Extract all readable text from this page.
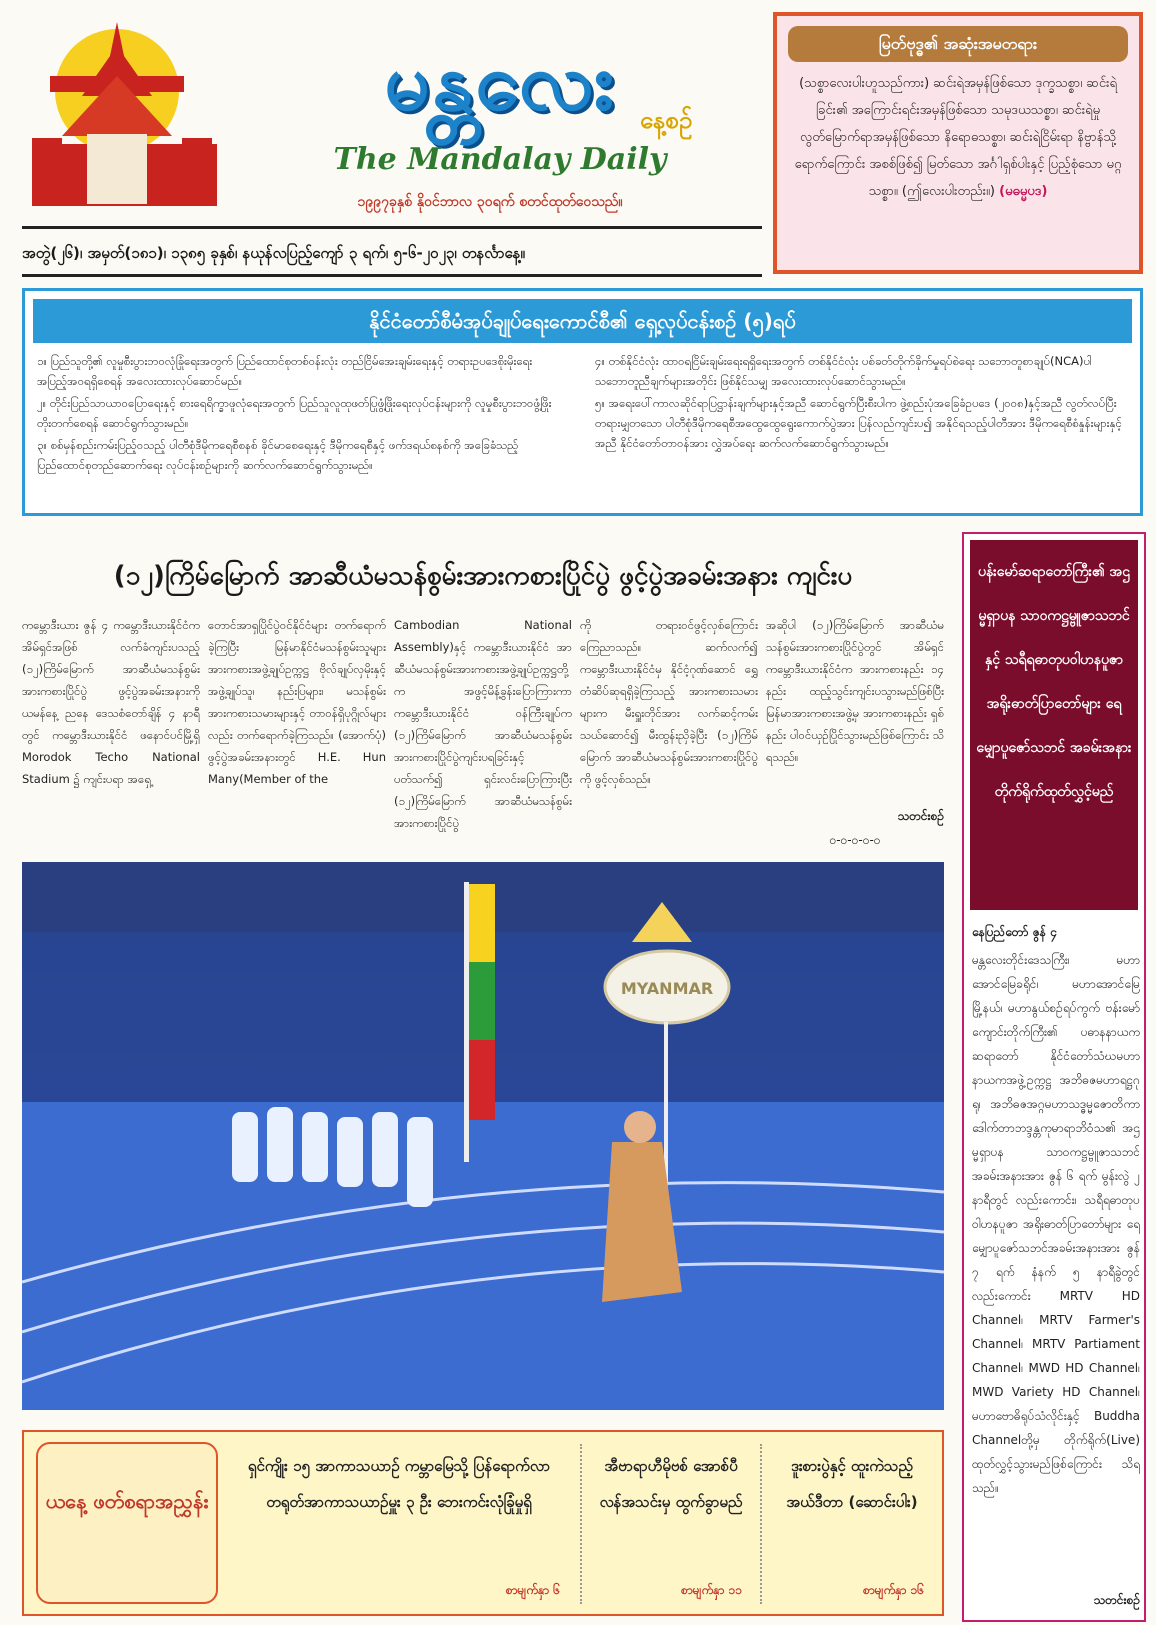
မန္တလေး	နေ့စဉ်
The Mandalay Daily
၁၉၉၇ခုနှစ် နိုဝင်ဘာလ ၃၀ရက် စတင်ထုတ်ဝေသည်။
အတွဲ(၂၆)၊ အမှတ်(၁၈၁)၊ ၁၃၈၅ ခုနှစ်၊ နယုန်လပြည့်ကျော် ၃ ရက်၊ ၅-၆-၂၀၂၃၊ တနင်္လာနေ့။
မြတ်ဗုဒ္ဓ၏ အဆုံးအမတရား
(သစ္စာလေးပါးဟူသည်ကား) ဆင်းရဲအမှန်ဖြစ်သော ဒုက္ခသစ္စာ၊ ဆင်းရဲခြင်း၏ အကြောင်းရင်းအမှန်ဖြစ်သော သမုဒယသစ္စာ၊ ဆင်းရဲမှု လွတ်မြောက်ရာအမှန်ဖြစ်သော နိရောဓသစ္စာ၊ ဆင်းရဲငြိမ်းရာ နိဗ္ဗာန်သို့ရောက်ကြောင်း အစစ်ဖြစ်၍ မြတ်သော အင်္ဂါရှစ်ပါးနှင့် ပြည့်စုံသော မဂ္ဂသစ္စာ။ (ဤလေးပါးတည်း။) (မဓမ္မပဒ)
နိုင်ငံတော်စီမံအုပ်ချုပ်ရေးကောင်စီ၏ ရှေ့လုပ်ငန်းစဉ် (၅)ရပ်
၁။ ပြည်သူတို့၏ လူမှုစီးပွားဘဝလုံခြုံရေးအတွက် ပြည်ထောင်စုတစ်ဝန်းလုံး တည်ငြိမ်အေးချမ်းရေးနှင့် တရားဥပဒေစိုးမိုးရေး အပြည့်အဝရရှိစေရန် အလေးထားလုပ်ဆောင်မည်။
၂။ တိုင်းပြည်သာယာဝပြောရေးနှင့် စားရေရိက္ခာဖူလုံရေးအတွက် ပြည်သူလူထုဖတ်ပြုဖွံ့ဖြိုးရေးလုပ်ငန်းများကို လူမှုစီးပွားဘဝဖွံ့ဖြိုးတိုးတက်စေရန် ဆောင်ရွက်သွားမည်။
၃။ စစ်မှန်စည်းကမ်းပြည့်ဝသည့် ပါတီစုံဒီမိုကရေစီစနစ် ခိုင်မာစေရေးနှင့် ဒီမိုကရေစီနှင့် ဖက်ဒရယ်စနစ်ကို အခြေခံသည့် ပြည်ထောင်စုတည်ဆောက်ရေး လုပ်ငန်းစဉ်များကို ဆက်လက်ဆောင်ရွက်သွားမည်။
၄။ တစ်နိုင်ငံလုံး ထာဝရငြိမ်းချမ်းရေးရရှိရေးအတွက် တစ်နိုင်ငံလုံး ပစ်ခတ်တိုက်ခိုက်မှုရပ်စဲရေး သဘောတူစာချုပ်(NCA)ပါ သဘောတူညီချက်များအတိုင်း ဖြစ်နိုင်သမျှ အလေးထားလုပ်ဆောင်သွားမည်။
၅။ အရေးပေါ်ကာလဆိုင်ရာပြဋ္ဌာန်းချက်များနှင့်အညီ ဆောင်ရွက်ပြီးစီးပါက ဖွဲ့စည်းပုံအခြေခံဥပဒေ (၂၀၀၈)နှင့်အညီ လွတ်လပ်ပြီး တရားမျှတသော ပါတီစုံဒီမိုကရေစီအထွေထွေရွေးကောက်ပွဲအား ပြန်လည်ကျင်းပ၍ အနိုင်ရသည့်ပါတီအား ဒီမိုကရေစီစံနှုန်းများနှင့်အညီ နိုင်ငံတော်တာဝန်အား လွှဲအပ်ရေး ဆက်လက်ဆောင်ရွက်သွားမည်။
(၁၂)ကြိမ်မြောက် အာဆီယံမသန်စွမ်းအားကစားပြိုင်ပွဲ ဖွင့်ပွဲအခမ်းအနား ကျင်းပ
ကမ္ဘောဒီးယား ဇွန် ၄ ကမ္ဘောဒီးယားနိုင်ငံက အိမ်ရှင်အဖြစ် လက်ခံကျင်းပသည့် (၁၂)ကြိမ်မြောက် အာဆီယံမသန်စွမ်းအားကစားပြိုင်ပွဲ ဖွင့်ပွဲအခမ်းအနားကို ယမန်နေ့ ညနေ ဒေသစံတော်ချိန် ၄ နာရီတွင် ကမ္ဘောဒီးယားနိုင်ငံ ဖနောင်ပင်မြို့ရှိ Morodok Techo National Stadium ၌ ကျင်းပရာ အရှေ့
တောင်အာရှပြိုင်ပွဲဝင်နိုင်ငံများ တက်ရောက်ခဲ့ကြပြီး မြန်မာနိုင်ငံမသန်စွမ်းသူများ အားကစားအဖွဲ့ချုပ်ဥက္ကဋ္ဌ ဗိုလ်ချုပ်လှမိုးနှင့် အဖွဲ့ချုပ်သူ၊ နည်းပြများ၊ မသန်စွမ်းအားကစားသမားများနှင့် တာဝန်ရှိပုဂ္ဂိုလ်များလည်း တက်ရောက်ခဲ့ကြသည်။ (အောက်ပုံ) ဖွင့်ပွဲအခမ်းအနားတွင် H.E. Hun Many(Member of the
Cambodian National Assembly)နှင့် ကမ္ဘောဒီးယားနိုင်ငံ အာဆီယံမသန်စွမ်းအားကစားအဖွဲ့ချုပ်ဥက္ကဋ္ဌတို့က အဖွင့်မိန့်ခွန်းပြောကြားကာ ကမ္ဘောဒီးယားနိုင်ငံ ဝန်ကြီးချုပ်က (၁၂)ကြိမ်မြောက် အာဆီယံမသန်စွမ်းအားကစားပြိုင်ပွဲကျင်းပရခြင်းနှင့်ပတ်သက်၍ ရှင်းလင်းပြောကြားပြီး (၁၂)ကြိမ်မြောက် အာဆီယံမသန်စွမ်းအားကစားပြိုင်ပွဲ
ကို တရားဝင်ဖွင့်လှစ်ကြောင်း ကြေညာသည်။ ဆက်လက်၍ ကမ္ဘောဒီးယားနိုင်ငံမှ နိုင်ငံ့ဂုဏ်ဆောင် ရွှေတံဆိပ်ဆုရရှိခဲ့ကြသည့် အားကစားသမားများက မီးရှူးတိုင်အား လက်ဆင့်ကမ်းသယ်ဆောင်၍ မီးထွန်းညှိခဲ့ပြီး (၁၂)ကြိမ်မြောက် အာဆီယံမသန်စွမ်းအားကစားပြိုင်ပွဲကို ဖွင့်လှစ်သည်။
အဆိုပါ (၁၂)ကြိမ်မြောက် အာဆီယံမသန်စွမ်းအားကစားပြိုင်ပွဲတွင် အိမ်ရှင် ကမ္ဘောဒီးယားနိုင်ငံက အားကစားနည်း ၁၄ နည်း ထည့်သွင်းကျင်းပသွားမည်ဖြစ်ပြီး မြန်မာအားကစားအဖွဲ့မှ အားကစားနည်း ရှစ်နည်း ပါဝင်ယှဉ်ပြိုင်သွားမည်ဖြစ်ကြောင်း သိရသည်။
သတင်းစဉ်
၀-၀-၀-၀-၀
MYANMAR
ပန်းမော်ဆရာတော်ကြီး၏ အဌမ္မရှာပန သာဝကဋ္ဌမ္ဗူဇာသဘင်နှင့် သရီရဓာတုပဝါဟနပူဇာ အရိုးဓာတ်ပြာတော်များ ရေမျှောပူဇော်သဘင် အခမ်းအနား တိုက်ရိုက်ထုတ်လွှင့်မည်
နေပြည်တော် ဇွန် ၄
မန္တလေးတိုင်းဒေသကြီး၊ မဟာအောင်မြေခရိုင်၊ မဟာအောင်မြေမြို့နယ်၊ မဟာနွယ်စဉ်ရပ်ကွက် ဗန်းမော်ကျောင်းတိုက်ကြီး၏ ပဓာနနာယကဆရာတော် နိုင်ငံတော်သံဃမဟာနာယကအဖွဲ့ဥက္ကဋ္ဌ အဘိဓဇမဟာရဋ္ဌဂုရု၊ အဘိဓဇအဂ္ဂမဟာသဒ္ဓမ္မဇောတိကာ ဒေါက်တာဘဒ္ဒန္တကုမာရာဘိဝံသ၏ အဌမ္မရှာပန သာဝကဋ္ဌမ္ဗူဇာသဘင် အခမ်းအနားအား ဇွန် ၆ ရက် မွန်းလွဲ ၂ နာရီတွင် လည်းကောင်း၊ သရီရဓာတုပဝါဟနပူဇာ အရိုးဓာတ်ပြာတော်များ ရေမျှောပူဇော်သဘင်အခမ်းအနားအား ဇွန် ၇ ရက် နံနက် ၅ နာရီခွဲတွင် လည်းကောင်း MRTV HD Channel၊ MRTV Farmer's Channel၊ MRTV Partiament Channel၊ MWD HD Channel၊ MWD Variety HD Channel၊ မဟာဗောဓိရုပ်သံလိုင်းနှင့် Buddha Channelတို့မှ တိုက်ရိုက်(Live) ထုတ်လွှင့်သွားမည်ဖြစ်ကြောင်း သိရသည်။
သတင်းစဉ်
ယနေ့ ဖတ်စရာအညွှန်း
ရှင်ကျိုး ၁၅ အာကာသယာဉ် ကမ္ဘာမြေသို့ ပြန်ရောက်လာ တရုတ်အာကာသယာဉ်မှူး ၃ ဦး ဘေးကင်းလုံခြုံမှုရှိ
စာမျက်နှာ ၆
အီဗာရာဟီမိုဗစ် အောစ်ပီလန်အသင်းမှ ထွက်ခွာမည်
စာမျက်နှာ ၁၁
ဒူးစားပွဲနှင့် ထူးကဲသည့် အယ်ဒီတာ (ဆောင်းပါး)
စာမျက်နှာ ၁၆
